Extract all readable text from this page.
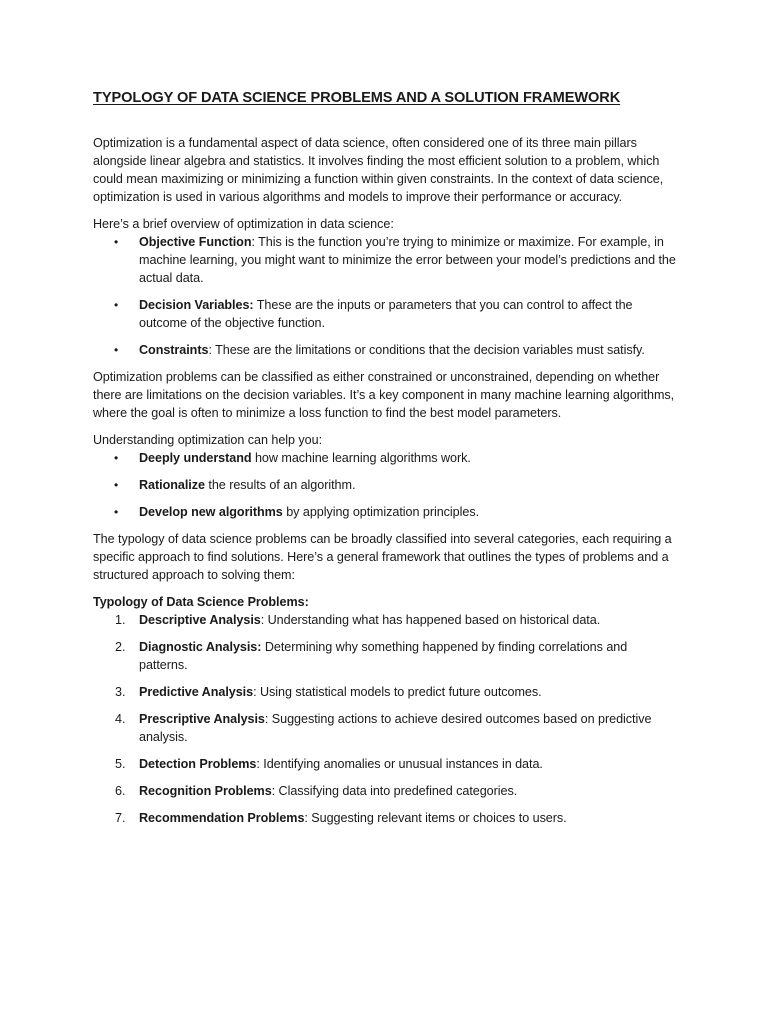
TYPOLOGY OF DATA SCIENCE PROBLEMS AND A SOLUTION FRAMEWORK

Optimization is a fundamental aspect of data science, often considered one of its three main pillars alongside linear algebra and statistics. It involves finding the most efficient solution to a problem, which could mean maximizing or minimizing a function within given constraints. In the context of data science, optimization is used in various algorithms and models to improve their performance or accuracy.

Here’s a brief overview of optimization in data science:

• Objective Function: This is the function you’re trying to minimize or maximize. For example, in machine learning, you might want to minimize the error between your model’s predictions and the actual data.
• Decision Variables: These are the inputs or parameters that you can control to affect the outcome of the objective function.
• Constraints: These are the limitations or conditions that the decision variables must satisfy.

Optimization problems can be classified as either constrained or unconstrained, depending on whether there are limitations on the decision variables. It’s a key component in many machine learning algorithms, where the goal is often to minimize a loss function to find the best model parameters.

Understanding optimization can help you:

• Deeply understand how machine learning algorithms work.
• Rationalize the results of an algorithm.
• Develop new algorithms by applying optimization principles.

The typology of data science problems can be broadly classified into several categories, each requiring a specific approach to find solutions. Here’s a general framework that outlines the types of problems and a structured approach to solving them:

Typology of Data Science Problems:

1. Descriptive Analysis: Understanding what has happened based on historical data.
2. Diagnostic Analysis: Determining why something happened by finding correlations and patterns.
3. Predictive Analysis: Using statistical models to predict future outcomes.
4. Prescriptive Analysis: Suggesting actions to achieve desired outcomes based on predictive analysis.
5. Detection Problems: Identifying anomalies or unusual instances in data.
6. Recognition Problems: Classifying data into predefined categories.
7. Recommendation Problems: Suggesting relevant items or choices to users.
